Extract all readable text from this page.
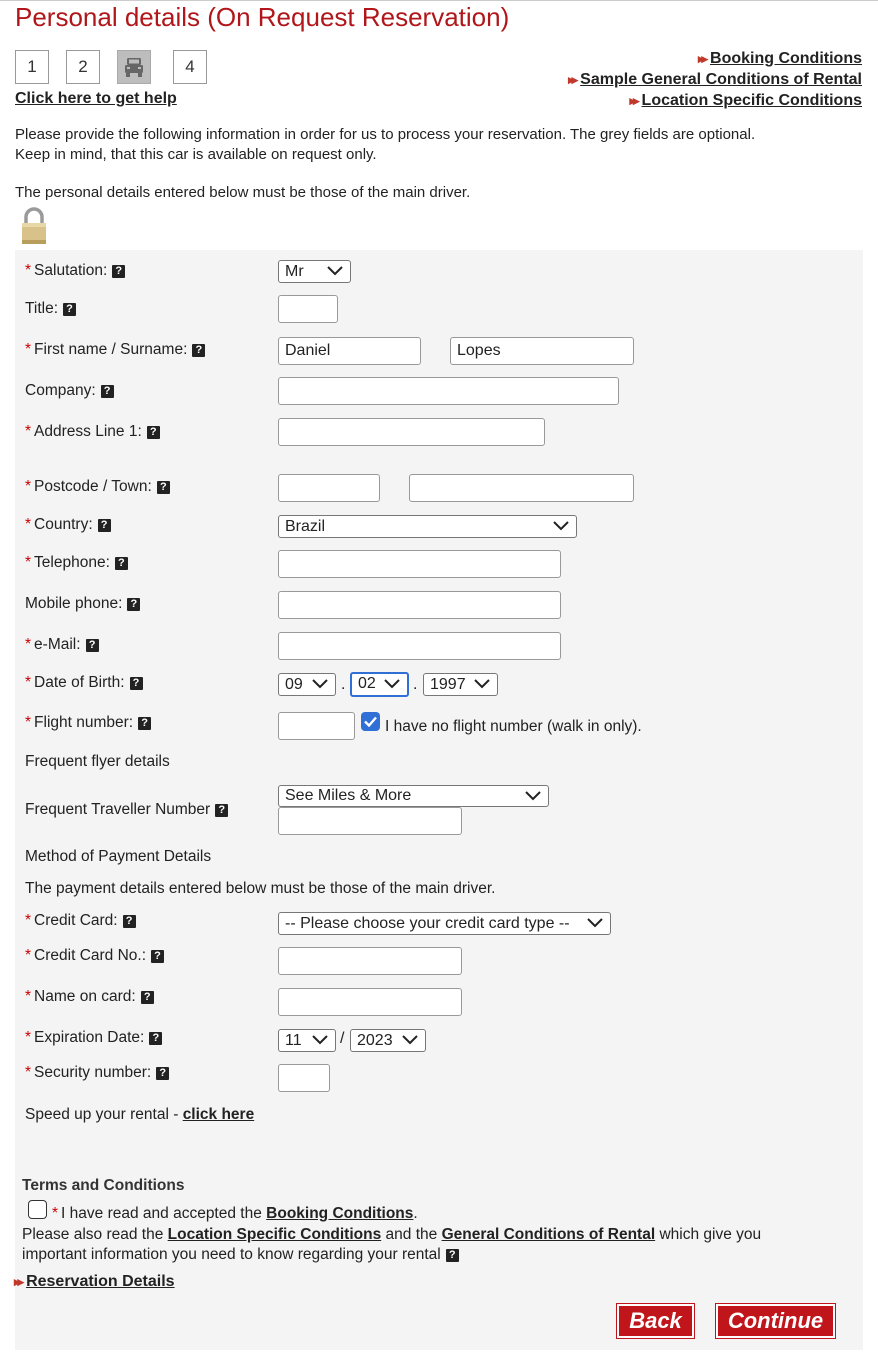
Personal details (On Request Reservation)
1	2	4
Click here to get help
▸▸ Booking Conditions
▸▸ Sample General Conditions of Rental
▸▸ Location Specific Conditions
Please provide the following information in order for us to process your reservation. The grey fields are optional.
Keep in mind, that this car is available on request only.
The personal details entered below must be those of the main driver.
* Salutation: ?	Mr
Title: ?
* First name / Surname: ?	Daniel	Lopes
Company: ?
* Address Line 1: ?
* Postcode / Town: ?
* Country: ?	Brazil
* Telephone: ?
Mobile phone: ?
* e-Mail: ?
* Date of Birth: ?	09	. 02	. 1997
* Flight number: ?	I have no flight number (walk in only).
Frequent flyer details
Frequent Traveller Number ?
See Miles & More
Method of Payment Details
The payment details entered below must be those of the main driver.
* Credit Card: ?	-- Please choose your credit card type --
* Credit Card No.: ?
* Name on card: ?
* Expiration Date: ?	11	/ 2023
* Security number: ?
Speed up your rental - click here
Terms and Conditions
* I have read and accepted the Booking Conditions.
Please also read the Location Specific Conditions and the General Conditions of Rental which give you
important information you need to know regarding your rental ?
▸▸ Reservation Details
Back	Continue
